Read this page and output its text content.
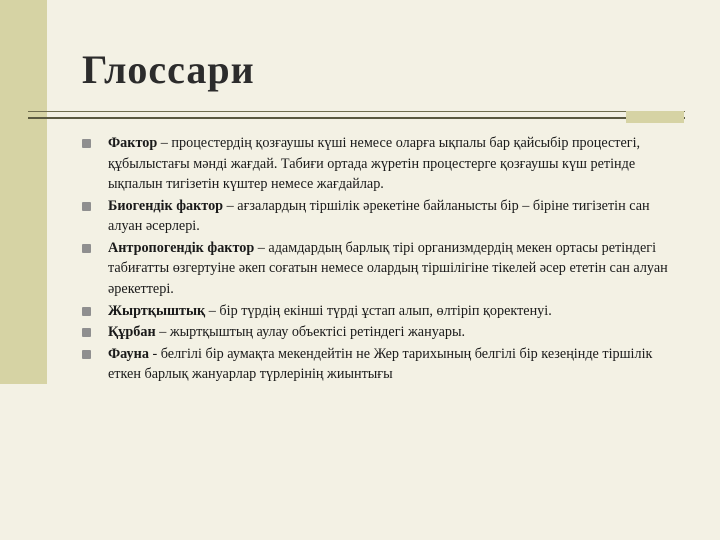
Глоссари
Фактор – процестердің қозғаушы күші немесе оларға ықпалы бар қайсыбір процестегі, құбылыстағы мәнді жағдай. Табиғи ортада жүретін процестерге қозғаушы күш ретінде ықпалын тигізетін күштер немесе жағдайлар.
Биогендік фактор – ағзалардың тіршілік әрекетіне байланысты бір – біріне тигізетін сан алуан әсерлері.
Антропогендік фактор – адамдардың барлық тірі организмдердің мекен ортасы ретіндегі табиғатты өзгертуіне әкеп соғатын немесе олардың тіршілігіне тікелей әсер ететін сан алуан әрекеттері.
Жыртқыштық – бір түрдің екінші түрді ұстап алып, өлтіріп қоректенуі.
Құрбан – жыртқыштың аулау объектісі ретіндегі жануары.
Фауна - белгілі бір аумақта мекендейтін не Жер тарихының белгілі бір кезеңінде тіршілік еткен барлық жануарлар түрлерінің жиынтығы
